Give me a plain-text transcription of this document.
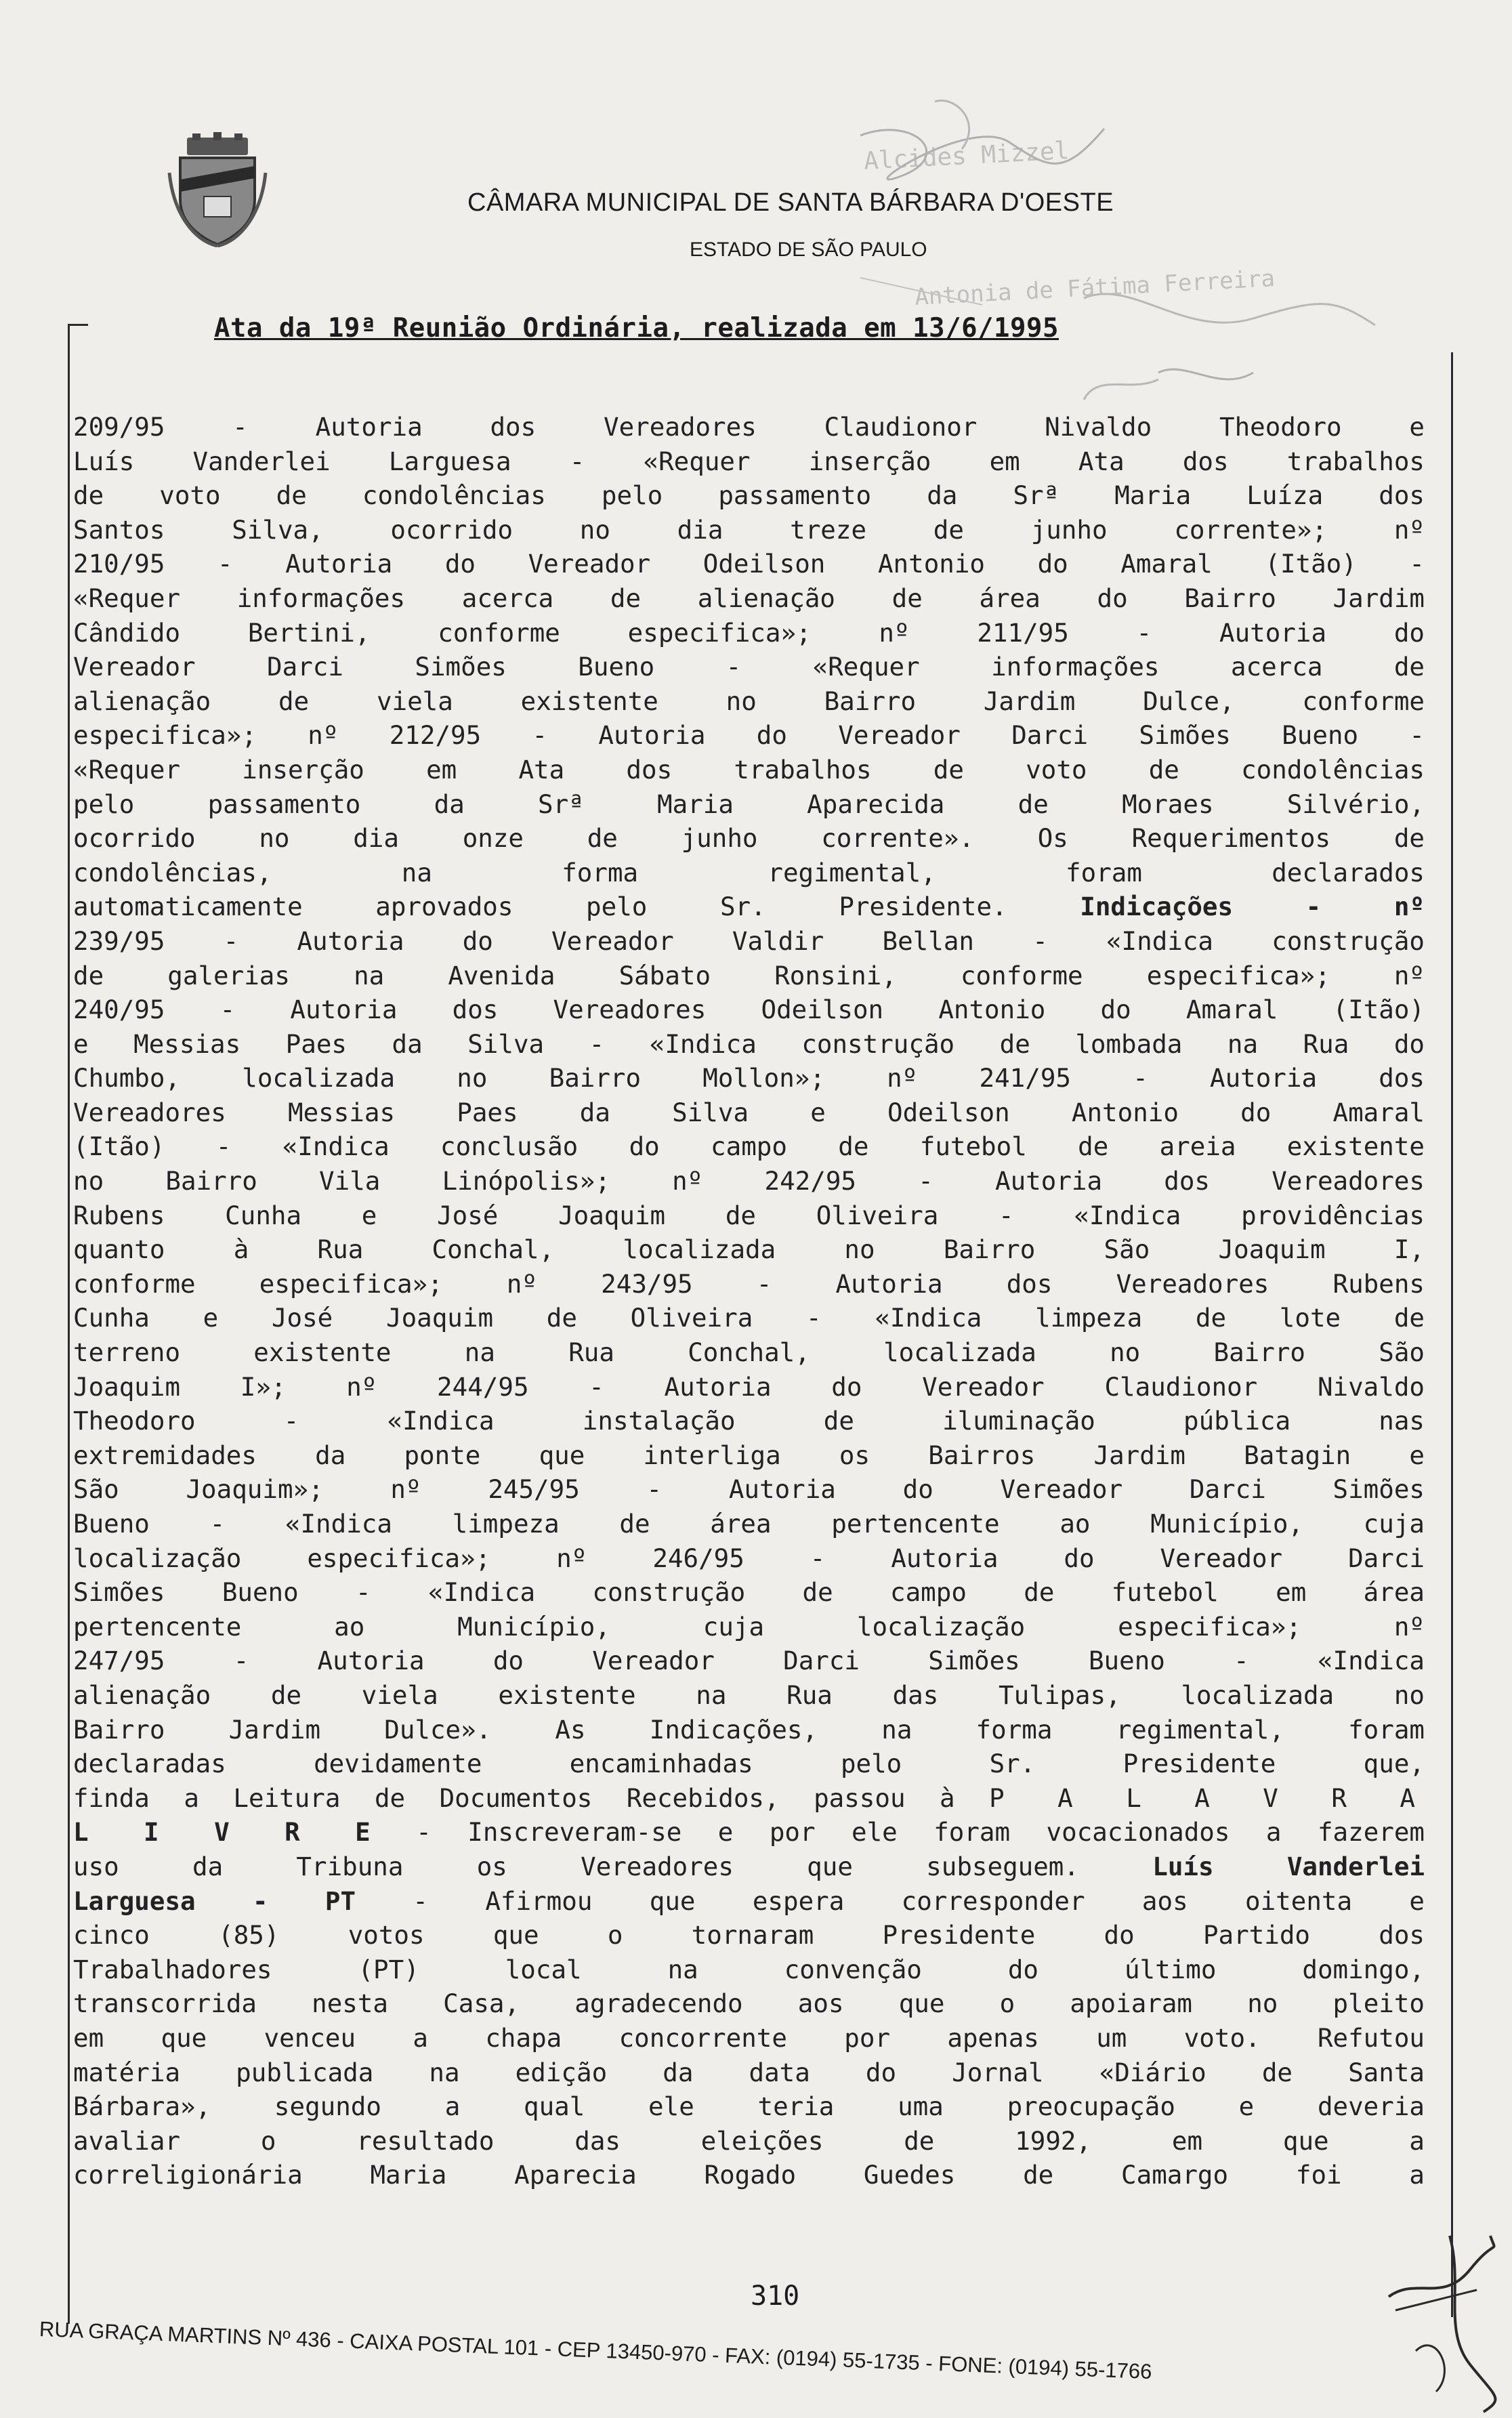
Alcides Mizzel
Antonia de Fátima Ferreira
CÂMARA MUNICIPAL DE SANTA BÁRBARA D'OESTE
ESTADO DE SÃO PAULO
Ata da 19ª Reunião Ordinária, realizada em 13/6/1995
209/95 - Autoria dos Vereadores Claudionor Nivaldo Theodoro e
Luís Vanderlei Larguesa - «Requer inserção em Ata dos trabalhos
de voto de condolências pelo passamento da Srª Maria Luíza dos
Santos Silva, ocorrido no dia treze de junho corrente»; nº
210/95 - Autoria do Vereador Odeilson Antonio do Amaral (Itão) -
«Requer informações acerca de alienação de área do Bairro Jardim
Cândido Bertini, conforme especifica»; nº 211/95 - Autoria do
Vereador Darci Simões Bueno - «Requer informações acerca de
alienação de viela existente no Bairro Jardim Dulce, conforme
especifica»; nº 212/95 - Autoria do Vereador Darci Simões Bueno -
«Requer inserção em Ata dos trabalhos de voto de condolências
pelo passamento da Srª Maria Aparecida de Moraes Silvério,
ocorrido no dia onze de junho corrente». Os Requerimentos de
condolências, na forma regimental, foram declarados
automaticamente aprovados pelo Sr. Presidente.	Indicações - nº
239/95 - Autoria do Vereador Valdir Bellan - «Indica construção
de galerias na Avenida Sábato Ronsini, conforme especifica»; nº
240/95 - Autoria dos Vereadores Odeilson Antonio do Amaral (Itão)
e Messias Paes da Silva - «Indica construção de lombada na Rua do
Chumbo, localizada no Bairro Mollon»; nº 241/95 - Autoria dos
Vereadores Messias Paes da Silva e Odeilson Antonio do Amaral
(Itão) - «Indica conclusão do campo de futebol de areia existente
no Bairro Vila Linópolis»; nº 242/95 - Autoria dos Vereadores
Rubens Cunha e José Joaquim de Oliveira - «Indica providências
quanto à Rua Conchal, localizada no Bairro São Joaquim I,
conforme especifica»; nº 243/95 - Autoria dos Vereadores Rubens
Cunha e José Joaquim de Oliveira - «Indica limpeza de lote de
terreno existente na Rua Conchal, localizada no Bairro São
Joaquim I»; nº 244/95 - Autoria do Vereador Claudionor Nivaldo
Theodoro - «Indica instalação de iluminação pública nas
extremidades da ponte que interliga os Bairros Jardim Batagin e
São Joaquim»; nº 245/95 - Autoria do Vereador Darci Simões
Bueno - «Indica limpeza de área pertencente ao Município, cuja
localização especifica»; nº 246/95 - Autoria do Vereador Darci
Simões Bueno - «Indica construção de campo de futebol em área
pertencente ao Município, cuja localização especifica»; nº
247/95 - Autoria do Vereador Darci Simões Bueno - «Indica
alienação de viela existente na Rua das Tulipas, localizada no
Bairro Jardim Dulce». As Indicações, na forma regimental, foram
declaradas devidamente encaminhadas pelo Sr. Presidente que,
finda a Leitura de Documentos Recebidos, passou à P A L A V R A
L I V R E - Inscreveram-se e por ele foram vocacionados a fazerem
uso da Tribuna os Vereadores que subseguem.	Luís Vanderlei
Larguesa - PT - Afirmou que espera corresponder aos oitenta e
cinco (85) votos que o tornaram Presidente do Partido dos
Trabalhadores (PT) local na convenção do último domingo,
transcorrida nesta Casa, agradecendo aos que o apoiaram no pleito
em que venceu a chapa concorrente por apenas um voto. Refutou
matéria publicada na edição da data do Jornal «Diário de Santa
Bárbara», segundo a qual ele teria uma preocupação e deveria
avaliar o resultado das eleições de 1992, em que a
correligionária Maria Aparecia Rogado Guedes de Camargo foi a
310
RUA GRAÇA MARTINS Nº 436 - CAIXA POSTAL 101 - CEP 13450-970 - FAX: (0194) 55-1735 - FONE: (0194) 55-1766
